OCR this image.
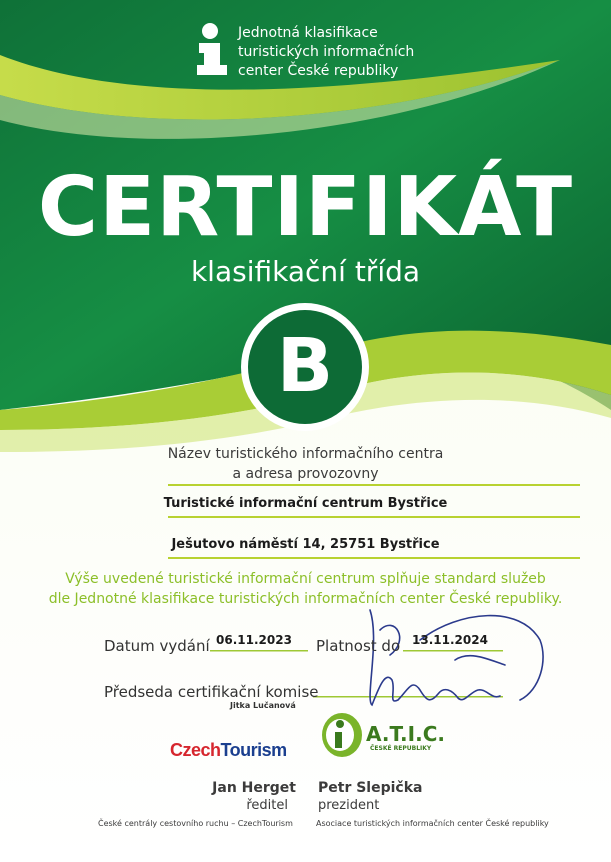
Jednotná klasifikace
turistických informačních
center České republiky
CERTIFIKÁT
klasifikační třída
B
Název turistického informačního centra
a adresa provozovny
Turistické informační centrum Bystřice
Ješutovo náměstí 14, 25751 Bystřice
Výše uvedené turistické informační centrum splňuje standard služeb
dle Jednotné klasifikace turistických informačních center České republiky.
Datum vydání 06.11.2023 Platnost do 13.11.2024
Předseda certifikační komise
Jitka Lučanová
CzechTourism
A.T.I.C.
ČESKÉ REPUBLIKY
Jan Herget
ředitel
České centrály cestovního ruchu – CzechTourism
Petr Slepička
prezident
Asociace turistických informačních center České republiky
